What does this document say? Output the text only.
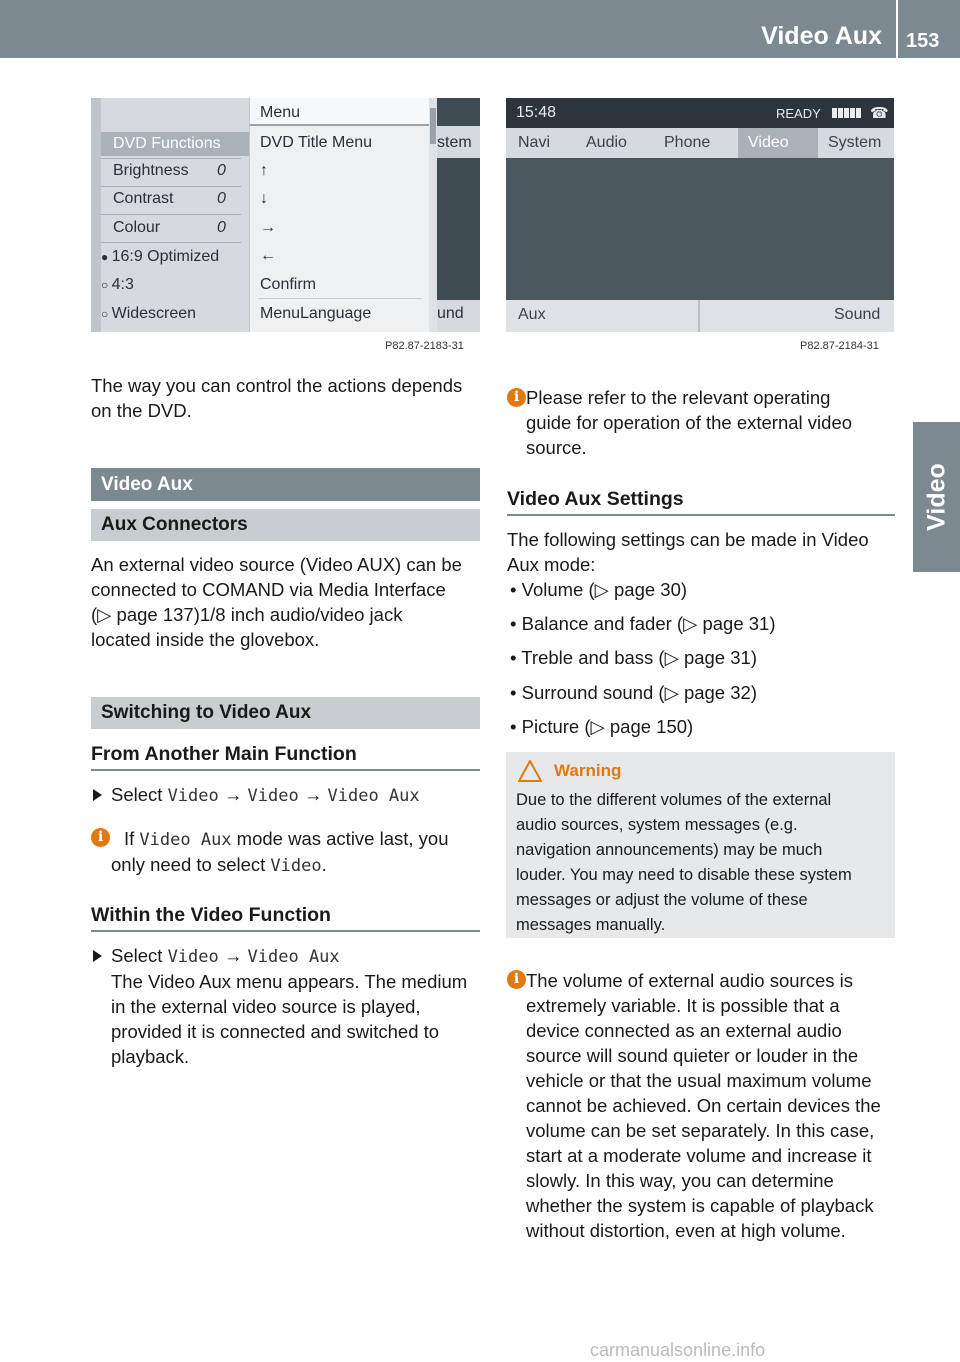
Video Aux 153
Video
DVD Functions
Brightness 0
Contrast	0
Colour	0
● 16:9 Optimized
○ 4:3
○ Widescreen
Menu
DVD Title Menu
↑
↓
→
←
Confirm
MenuLanguage
stem
und
P82.87-2183-31
15:48	READY	☎
Navi Audio Phone Video System
Aux	Sound
P82.87-2184-31
The way you can control the actions depends
on the DVD.
Video Aux
Aux Connectors
An external video source (Video AUX) can be
connected to COMAND via Media Interface
(▷ page 137)1/8 inch audio/video jack
located inside the glovebox.
Switching to Video Aux
From Another Main Function
Select Video → Video → Video Aux
i	If Video Aux mode was active last, you
only need to select Video.
Within the Video Function
Select Video → Video Aux
The Video Aux menu appears. The medium
in the external video source is played,
provided it is connected and switched to
playback.
i Please refer to the relevant operating
guide for operation of the external video
source.
Video Aux Settings
The following settings can be made in Video
Aux mode:
• Volume (▷ page 30)
• Balance and fader (▷ page 31)
• Treble and bass (▷ page 31)
• Surround sound (▷ page 32)
• Picture (▷ page 150)
Warning
Due to the different volumes of the external
audio sources, system messages (e.g.
navigation announcements) may be much
louder. You may need to disable these system
messages or adjust the volume of these
messages manually.
i The volume of external audio sources is
extremely variable. It is possible that a
device connected as an external audio
source will sound quieter or louder in the
vehicle or that the usual maximum volume
cannot be achieved. On certain devices the
volume can be set separately. In this case,
start at a moderate volume and increase it
slowly. In this way, you can determine
whether the system is capable of playback
without distortion, even at high volume.
carmanualsonline.info
